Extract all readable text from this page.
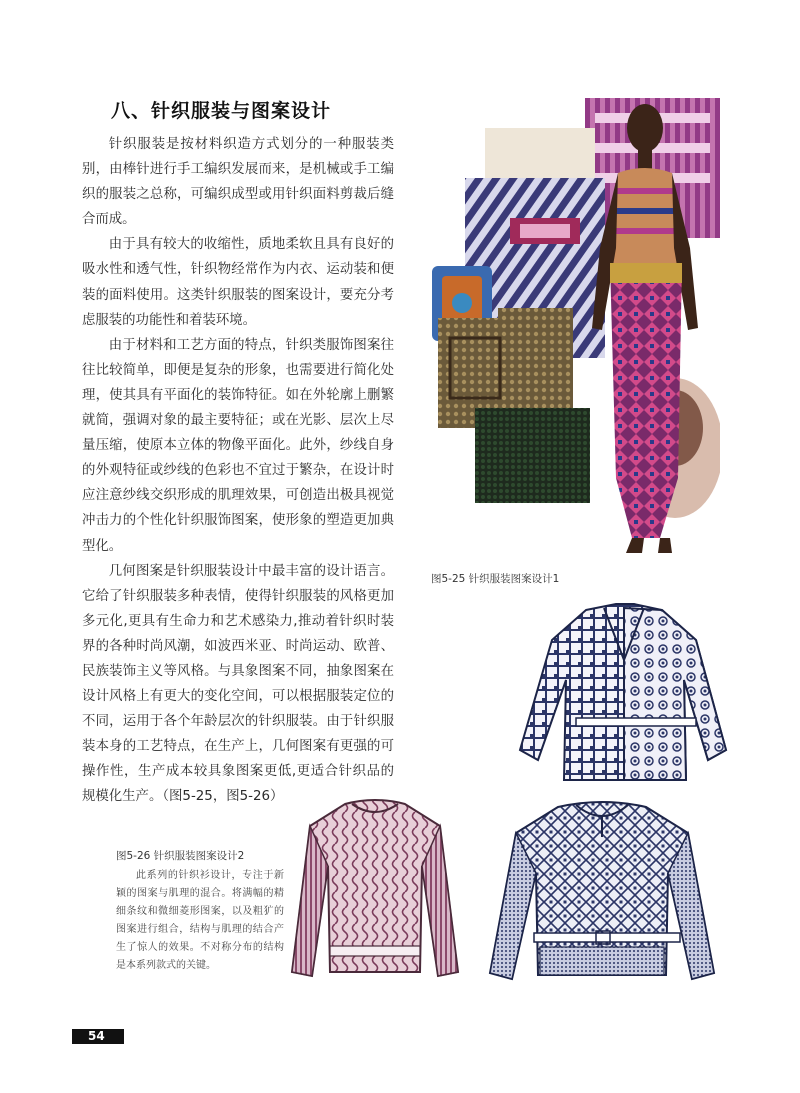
八、针织服装与图案设计

针织服装是按材料织造方式划分的一种服装类别，由棒针进行手工编织发展而来，是机械或手工编织的服装之总称，可编织成型或用针织面料剪裁后缝合而成。

由于具有较大的收缩性，质地柔软且具有良好的吸水性和透气性，针织物经常作为内衣、运动装和便装的面料使用。这类针织服装的图案设计，要充分考虑服装的功能性和着装环境。

由于材料和工艺方面的特点，针织类服饰图案往往比较简单，即便是复杂的形象，也需要进行简化处理，使其具有平面化的装饰特征。如在外轮廓上删繁就简，强调对象的最主要特征；或在光影、层次上尽量压缩，使原本立体的物像平面化。此外，纱线自身的外观特征或纱线的色彩也不宜过于繁杂，在设计时应注意纱线交织形成的肌理效果，可创造出极具视觉冲击力的个性化针织服饰图案，使形象的塑造更加典型化。

几何图案是针织服装设计中最丰富的设计语言。它给了针织服装多种表情，使得针织服装的风格更加多元化,更具有生命力和艺术感染力,推动着针织时装界的各种时尚风潮，如波西米亚、时尚运动、欧普、民族装饰主义等风格。与具象图案不同，抽象图案在设计风格上有更大的变化空间，可以根据服装定位的不同，运用于各个年龄层次的针织服装。由于针织服装本身的工艺特点，在生产上，几何图案有更强的可操作性，生产成本较具象图案更低,更适合针织品的规模化生产。（图5-25，图5-26）

图5-25 针织服装图案设计1

图5-26 针织服装图案设计2

此系列的针织衫设计，专注于新颖的图案与肌理的混合。将满幅的精细条纹和微细菱形图案，以及粗犷的图案进行组合，结构与肌理的结合产生了惊人的效果。不对称分布的结构是本系列款式的关键。

54
